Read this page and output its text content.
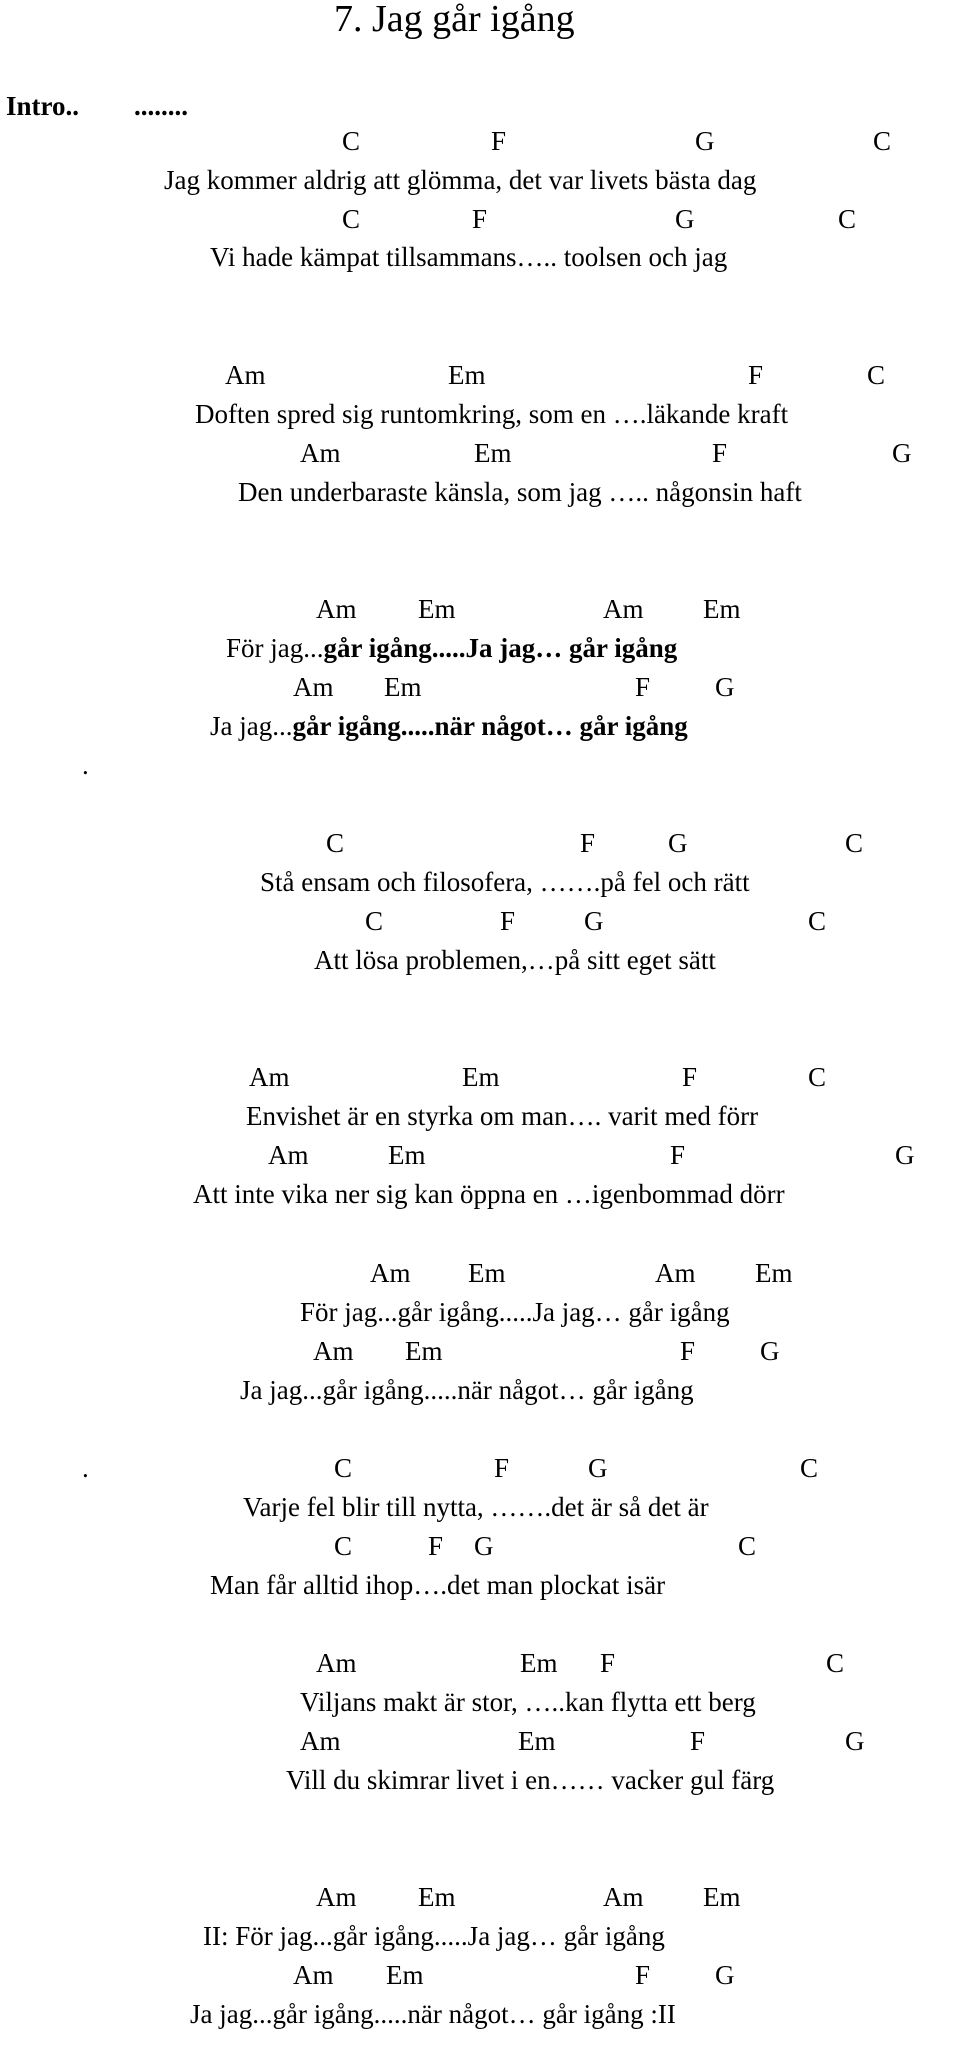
7. Jag går igång
Intro.. ........
C	F	G	C
Jag kommer aldrig att glömma, det var livets bästa dag
C	F	G	C
Vi hade kämpat tillsammans….. toolsen och jag
Am	Em	F	C
Doften spred sig runtomkring, som en ….läkande kraft
Am	Em	F	G
Den underbaraste känsla, som jag ….. någonsin haft
Am Em	Am Em
För jag...går igång.....Ja jag… går igång
Am Em	F G
Ja jag...går igång.....när något… går igång
.
C	F	G	C
Stå ensam och filosofera, …….på fel och rätt
C	F	G	C
Att lösa problemen,…på sitt eget sätt
Am	Em	F	C
Envishet är en styrka om man…. varit med förr
Am	Em	F	G
Att inte vika ner sig kan öppna en …igenbommad dörr
Am Em	Am Em
För jag...går igång.....Ja jag… går igång
Am Em	F G
Ja jag...går igång.....när något… går igång
.	C	F	G	C
Varje fel blir till nytta, …….det är så det är
C	F G	C
Man får alltid ihop….det man plockat isär
Am	Em F	C
Viljans makt är stor, …..kan flytta ett berg
Am	Em	F	G
Vill du skimrar livet i en…… vacker gul färg
Am Em	Am Em
II: För jag...går igång.....Ja jag… går igång
Am Em	F G
Ja jag...går igång.....när något… går igång :II
